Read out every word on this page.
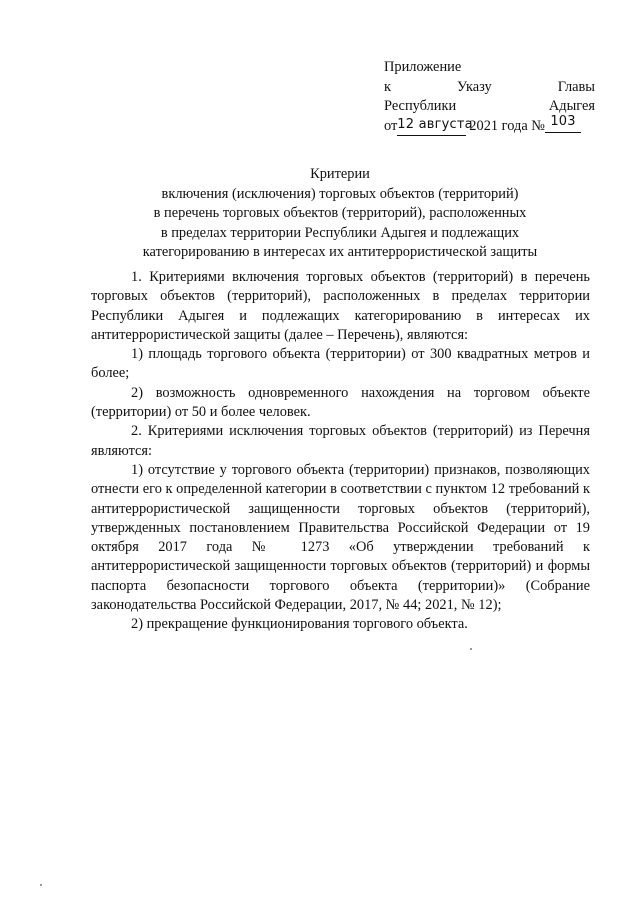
Приложение
к	Указу	Главы
Республики	Адыгея
от 12 августа
2021 года № 103
Критерии
включения (исключения) торговых объектов (территорий)
в перечень торговых объектов (территорий), расположенных
в пределах территории Республики Адыгея и подлежащих
категорированию в интересах их антитеррористической защиты

1. Критериями включения торговых объектов (территорий) в перечень торговых объектов (территорий), расположенных в пределах территории Республики Адыгея и подлежащих категорированию в интересах их антитеррористической защиты (далее – Перечень), являются:

1) площадь торгового объекта (территории) от 300 квадратных метров и более;

2) возможность одновременного нахождения на торговом объекте (территории) от 50 и более человек.

2. Критериями исключения торговых объектов (территорий) из Перечня являются:

1) отсутствие у торгового объекта (территории) признаков, позволяющих отнести его к определенной категории в соответствии с пунктом 12 требований к антитеррористической защищенности торговых объектов (территорий), утвержденных постановлением Правительства Российской Федерации от 19 октября 2017 года № 1273 «Об утверждении требований к антитеррористической защищенности торговых объектов (территорий) и формы паспорта безопасности торгового объекта (территории)» (Собрание законодательства Российской Федерации, 2017, № 44; 2021, № 12);

2) прекращение функционирования торгового объекта.
